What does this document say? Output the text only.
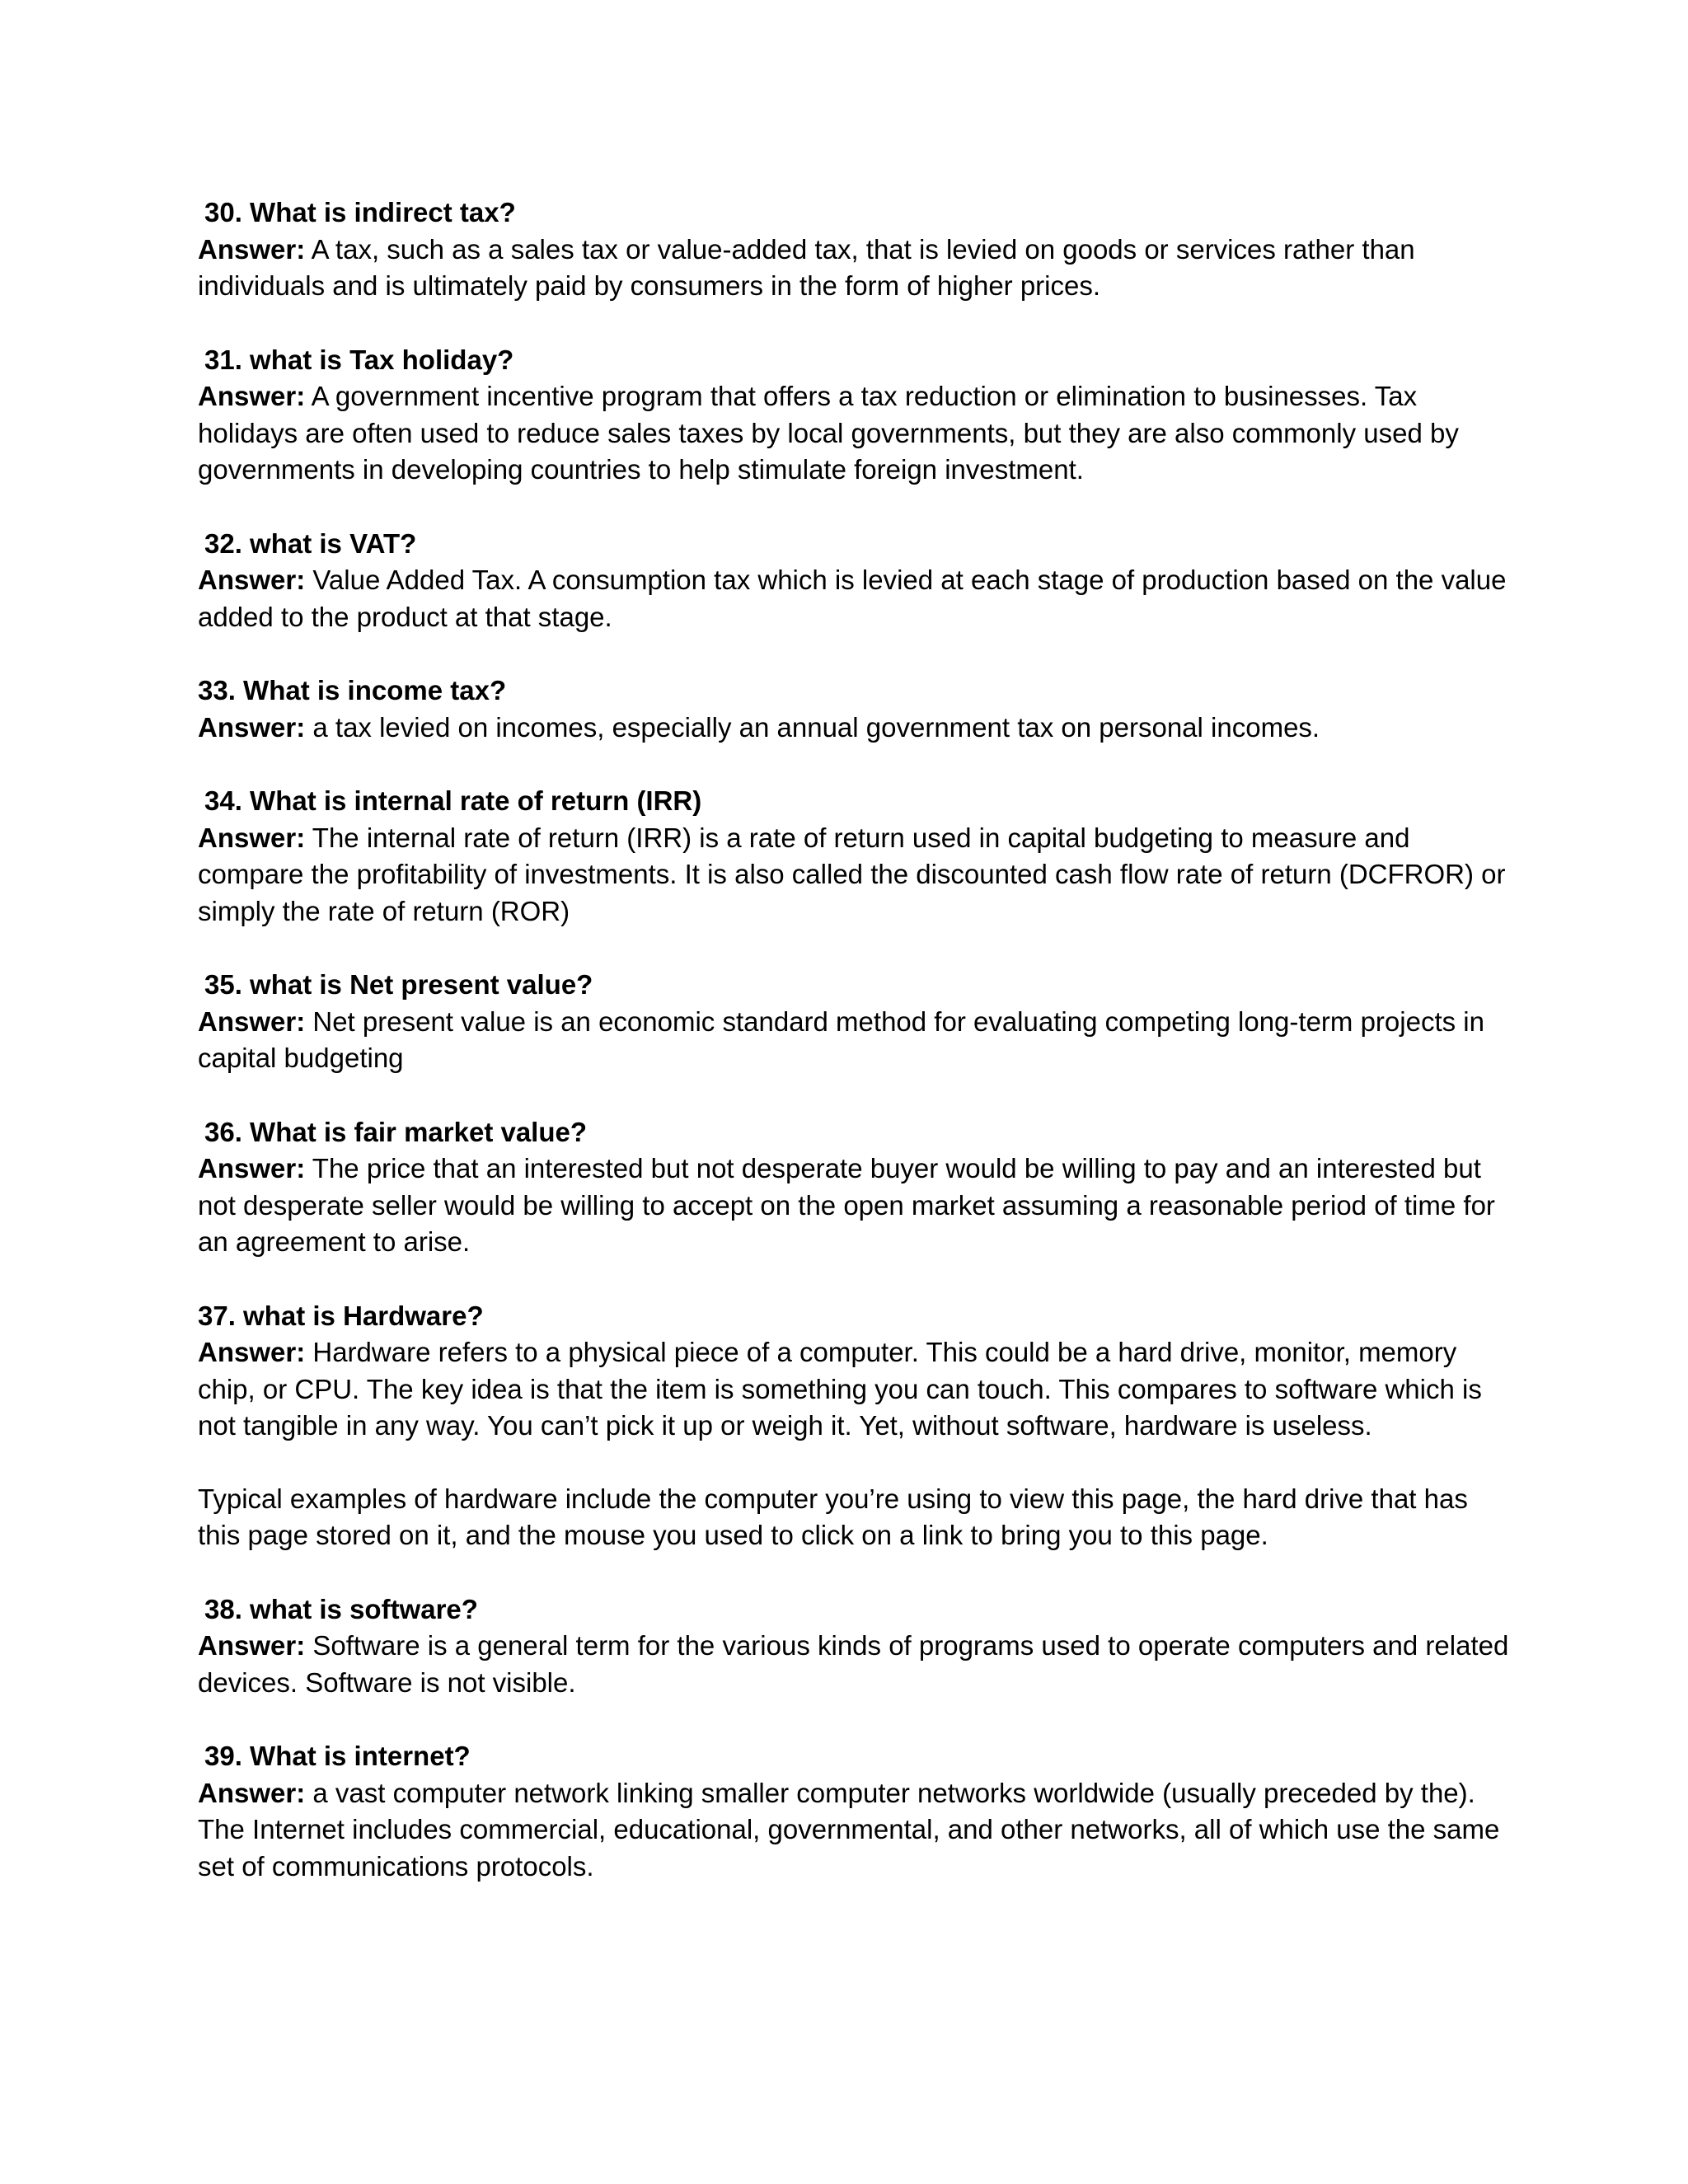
30. What is indirect tax?

Answer: A tax, such as a sales tax or value-added tax, that is levied on goods or services rather than individuals and is ultimately paid by consumers in the form of higher prices.

31. what is Tax holiday?

Answer: A government incentive program that offers a tax reduction or elimination to businesses. Tax holidays are often used to reduce sales taxes by local governments, but they are also commonly used by governments in developing countries to help stimulate foreign investment.

32. what is VAT?

Answer: Value Added Tax. A consumption tax which is levied at each stage of production based on the value added to the product at that stage.

33. What is income tax?

Answer: a tax levied on incomes, especially an annual government tax on personal incomes.

34. What is internal rate of return (IRR)

Answer: The internal rate of return (IRR) is a rate of return used in capital budgeting to measure and compare the profitability of investments. It is also called the discounted cash flow rate of return (DCFROR) or simply the rate of return (ROR)

35. what is Net present value?

Answer: Net present value is an economic standard method for evaluating competing long-term projects in capital budgeting

36. What is fair market value?

Answer: The price that an interested but not desperate buyer would be willing to pay and an interested but not desperate seller would be willing to accept on the open market assuming a reasonable period of time for an agreement to arise.

37. what is Hardware?

Answer: Hardware refers to a physical piece of a computer. This could be a hard drive, monitor, memory chip, or CPU. The key idea is that the item is something you can touch. This compares to software which is not tangible in any way. You can’t pick it up or weigh it. Yet, without software, hardware is useless.

Typical examples of hardware include the computer you’re using to view this page, the hard drive that has this page stored on it, and the mouse you used to click on a link to bring you to this page.

38. what is software?

Answer: Software is a general term for the various kinds of programs used to operate computers and related devices. Software is not visible.

39. What is internet?

Answer: a vast computer network linking smaller computer networks worldwide (usually preceded by the). The Internet includes commercial, educational, governmental, and other networks, all of which use the same set of communications protocols.
